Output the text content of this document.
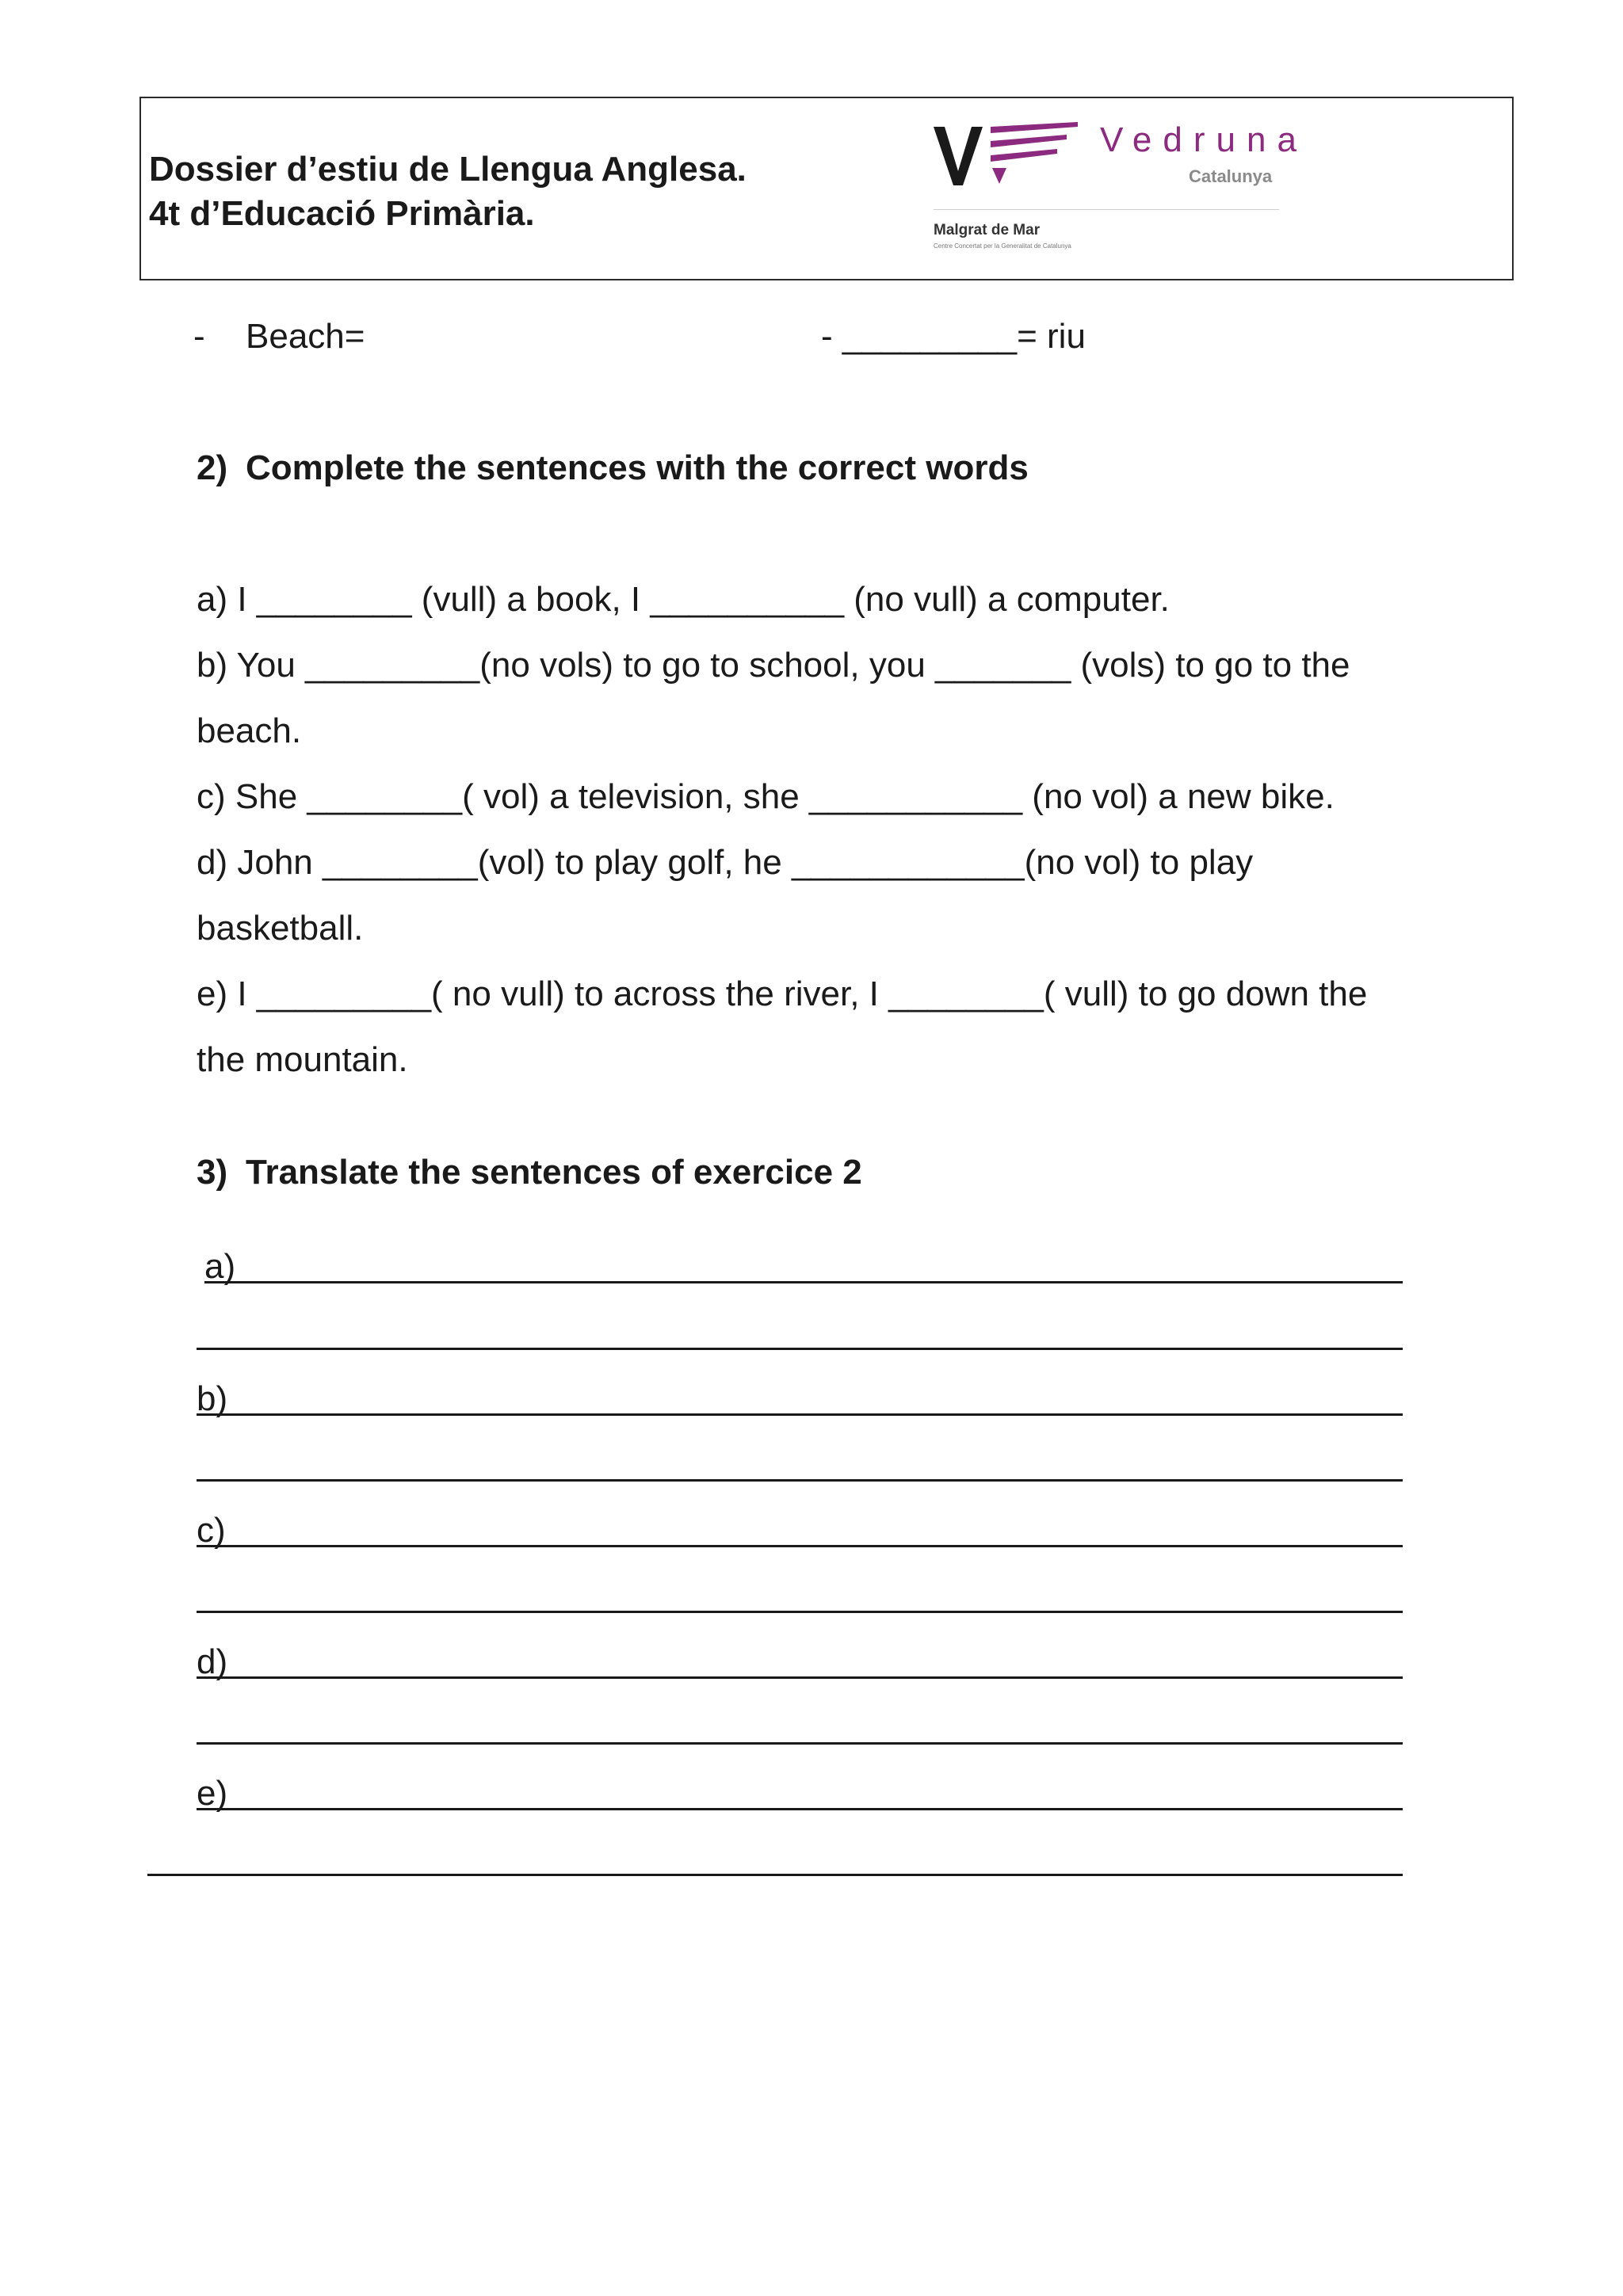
Dossier d’estiu de Llengua Anglesa.
4t d’Educació Primària.
Vedruna
Catalunya
Malgrat de Mar
Centre Concertat per la Generalitat de Catalunya
- Beach=	- _________= riu
2) Complete the sentences with the correct words
a) I ________ (vull) a book, I __________ (no vull) a computer.
b) You _________(no vols) to go to school, you _______ (vols) to go to the
beach.
c) She ________( vol) a television, she ___________ (no vol) a new bike.
d) John ________(vol) to play golf, he ____________(no vol) to play
basketball.
e) I _________( no vull) to across the river, I ________( vull) to go down the
the mountain.
3) Translate the sentences of exercice 2
a)
b)
c)
d)
e)
